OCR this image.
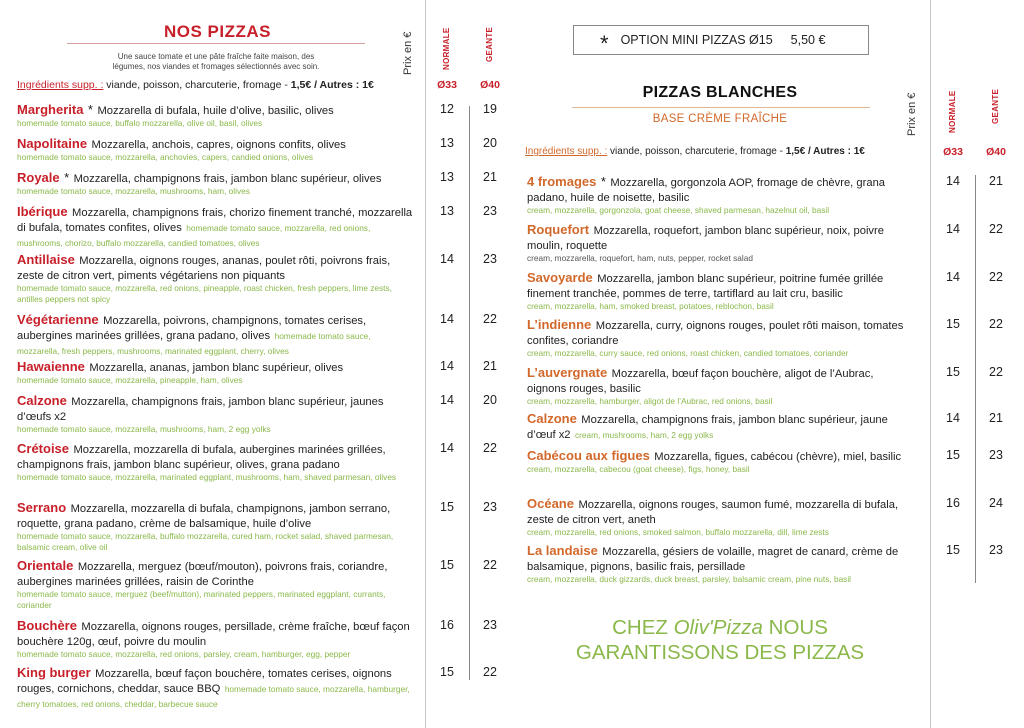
NOS PIZZAS
Une sauce tomate et une pâte fraîche faite maison, des
légumes, nos viandes et fromages sélectionnés avec soin.
Ingrédients supp. : viande, poisson, charcuterie, fromage - 1,5€ / Autres : 1€
Prix en €	NORMALE	GEANTE
Ø33	Ø40
Margherita * Mozzarella di bufala, huile d’olive, basilic, olives
homemade tomato sauce, buffalo mozzarella, olive oil, basil, olives
12	19
Napolitaine Mozzarella, anchois, capres, oignons confits, olives
homemade tomato sauce, mozzarella, anchovies, capers, candied onions, olives
13	20
Royale * Mozzarella, champignons frais, jambon blanc supérieur, olives
homemade tomato sauce, mozzarella, mushrooms, ham, olives
13	21
Ibérique Mozzarella, champignons frais, chorizo finement tranché, mozzarella di bufala, tomates confites, olives homemade tomato sauce, mozzarella, red onions, mushrooms, chorizo, buffalo mozzarella, candied tomatoes, olives
13	23
Antillaise Mozzarella, oignons rouges, ananas, poulet rôti, poivrons frais, zeste de citron vert, piments végétariens non piquants
homemade tomato sauce, mozzarella, red onions, pineapple, roast chicken, fresh peppers, lime zests, antilles peppers not spicy
14	23
Végétarienne Mozzarella, poivrons, champignons, tomates cerises, aubergines marinées grillées, grana padano, olives homemade tomato sauce, mozzarella, fresh peppers, mushrooms, marinated eggplant, cherry, olives
14	22
Hawaienne Mozzarella, ananas, jambon blanc supérieur, olives
homemade tomato sauce, mozzarella, pineapple, ham, olives
14	21
Calzone Mozzarella, champignons frais, jambon blanc supérieur, jaunes d’œufs x2
homemade tomato sauce, mozzarella, mushrooms, ham, 2 egg yolks
14	20
Crétoise Mozzarella, mozzarella di bufala, aubergines marinées grillées, champignons frais, jambon blanc supérieur, olives, grana padano
homemade tomato sauce, mozzarella, marinated eggplant, mushrooms, ham, shaved parmesan, olives
14	22
Serrano Mozzarella, mozzarella di bufala, champignons, jambon serrano, roquette, grana padano, crème de balsamique, huile d’olive
homemade tomato sauce, mozzarella, buffalo mozzarella, cured ham, rocket salad, shaved parmesan, balsamic cream, olive oil
15	23
Orientale Mozzarella, merguez (bœuf/mouton), poivrons frais, coriandre, aubergines marinées grillées, raisin de Corinthe
homemade tomato sauce, merguez (beef/mutton), marinated peppers, marinated eggplant, currants, coriander
15	22
Bouchère Mozzarella, oignons rouges, persillade, crème fraîche, bœuf façon bouchère 120g, œuf, poivre du moulin
homemade tomato sauce, mozzarella, red onions, parsley, cream, hamburger, egg, pepper
16	23
King burger Mozzarella, bœuf façon bouchère, tomates cerises, oignons rouges, cornichons, cheddar, sauce BBQ homemade tomato sauce, mozzarella, hamburger, cherry tomatoes, red onions, cheddar, barbecue sauce
15	22
* OPTION MINI PIZZAS Ø15 5,50 €
PIZZAS BLANCHES
BASE CRÈME FRAÎCHE
Ingrédients supp. : viande, poisson, charcuterie, fromage - 1,5€ / Autres : 1€
Prix en €	NORMALE	GEANTE
Ø33	Ø40
4 fromages * Mozzarella, gorgonzola AOP, fromage de chèvre, grana padano, huile de noisette, basilic
cream, mozzarella, gorgonzola, goat cheese, shaved parmesan, hazelnut oil, basil
14	21
Roquefort Mozzarella, roquefort, jambon blanc supérieur, noix, poivre moulin, roquette
cream, mozzarella, roquefort, ham, nuts, pepper, rocket salad
14	22
Savoyarde Mozzarella, jambon blanc supérieur, poitrine fumée grillée finement tranchée, pommes de terre, tartiflard au lait cru, basilic
cream, mozzarella, ham, smoked breast, potatoes, reblochon, basil
14	22
L’indienne Mozzarella, curry, oignons rouges, poulet rôti maison, tomates confites, coriandre
cream, mozzarella, curry sauce, red onions, roast chicken, candied tomatoes, coriander
15	22
L’auvergnate Mozzarella, bœuf façon bouchère, aligot de l’Aubrac, oignons rouges, basilic
cream, mozzarella, hamburger, aligot de l’Aubrac, red onions, basil
15	22
Calzone Mozzarella, champignons frais, jambon blanc supérieur, jaune d’œuf x2 cream, mushrooms, ham, 2 egg yolks
14	21
Cabécou aux figues Mozzarella, figues, cabécou (chèvre), miel, basilic
cream, mozzarella, cabecou (goat cheese), figs, honey, basil
15	23
Océane Mozzarella, oignons rouges, saumon fumé, mozzarella di bufala, zeste de citron vert, aneth
cream, mozzarella, red onions, smoked salmon, buffalo mozzarella, dill, lime zests
16	24
La landaise Mozzarella, gésiers de volaille, magret de canard, crème de balsamique, pignons, basilic frais, persillade
cream, mozzarella, duck gizzards, duck breast, parsley, balsamic cream, pine nuts, basil
15	23
CHEZ Oliv'Pizza NOUS
GARANTISSONS DES PIZZAS
